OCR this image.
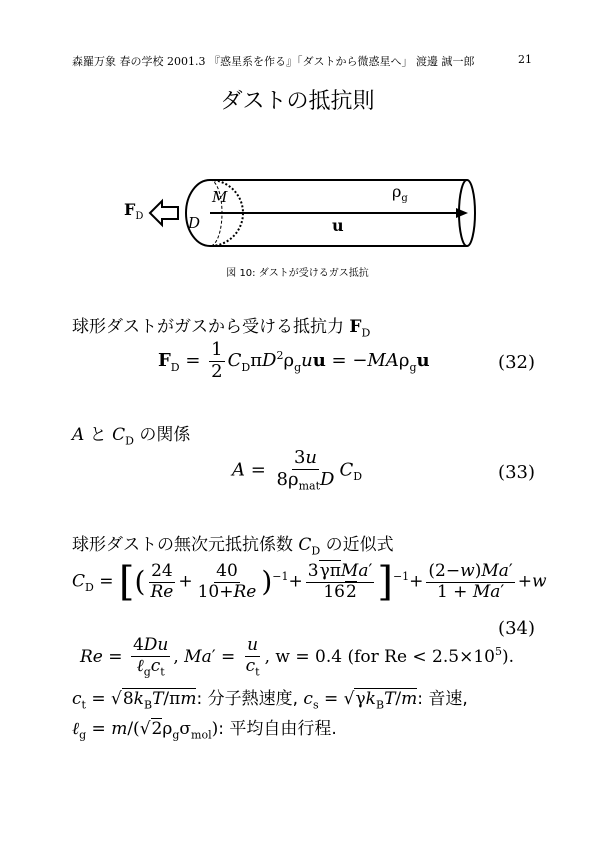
森羅万象 春の学校 2001.3 『惑星系を作る』「ダストから微惑星へ」 渡邊 誠一郎	21
ダストの抵抗則
$F_D$
M
D
$\rho_g$
u
図 10: ダストが受けるガス抵抗
球形ダストがガスから受ける抵抗力 $F_D$
$F_D = \frac{1}{2} C_D\pi D^2\rho_guu = -MA\rho_gu$	(32)
A と $C_D$ の関係
$A = \frac{3u}{8\rho_{mat}D} C_D$	(33)
球形ダストの無次元抵抗係数 $C_D$ の近似式
$C_D$ = [( $\frac{24}{Re} + \frac{40}{10+Re} )^{-1}+ \frac{\text{3γπMa′}}{162} ]^{-1}+ \frac{(2-w)Ma'}{1 + Ma'} +w$
(34)
$Re = \frac{4Du}{\ell_gc_t}$ , $Ma' = \frac{u}{c_t}$ , w = 0.4 (for $Re < 2.5\times 10^5$).
$c_t = √8k_BT/\pi m$: 分子熱速度, $c_s = √\gamma k_BT/m$: 音速,
ℓ$_g$ = $m/(√2\rho_g\sigma_{mol})$: 平均自由行程.
